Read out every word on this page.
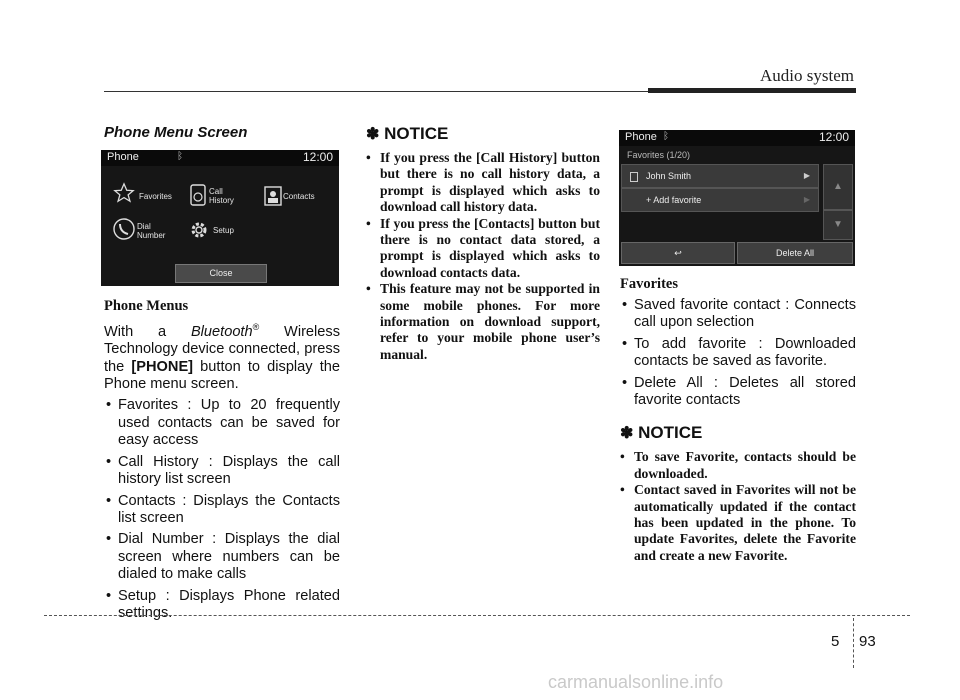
Audio system
Phone Menu Screen
Phone	ᛒ	12:00
Favorites
Call
History	Contacts
Dial
Number
Setup
Close
Phone Menus

With a Bluetooth® Wireless Technology device connected, press the [PHONE] button to display the Phone menu screen.

• Favorites : Up to 20 frequently used contacts can be saved for easy access
• Call History : Displays the call history list screen
• Contacts : Displays the Contacts list screen
• Dial Number : Displays the dial screen where numbers can be dialed to make calls
• Setup : Displays Phone related settings.
✽ NOTICE
• If you press the [Call History] button but there is no call history data, a prompt is displayed which asks to download call history data.
• If you press the [Contacts] button but there is no contact data stored, a prompt is displayed which asks to download contacts data.
• This feature may not be supported in some mobile phones. For more information on download support, refer to your mobile phone user’s manual.
Phone ᛒ	12:00
Favorites (1/20)
John Smith	▶
+ Add favorite	▶
▲
▼
↩	Delete All
Favorites
• Saved favorite contact : Connects call upon selection
• To add favorite : Downloaded contacts be saved as favorite.
• Delete All : Deletes all stored favorite contacts
✽ NOTICE
• To save Favorite, contacts should be downloaded.
• Contact saved in Favorites will not be automatically updated if the contact has been updated in the phone. To update Favorites, delete the Favorite and create a new Favorite.
5 93
carmanualsonline.info
